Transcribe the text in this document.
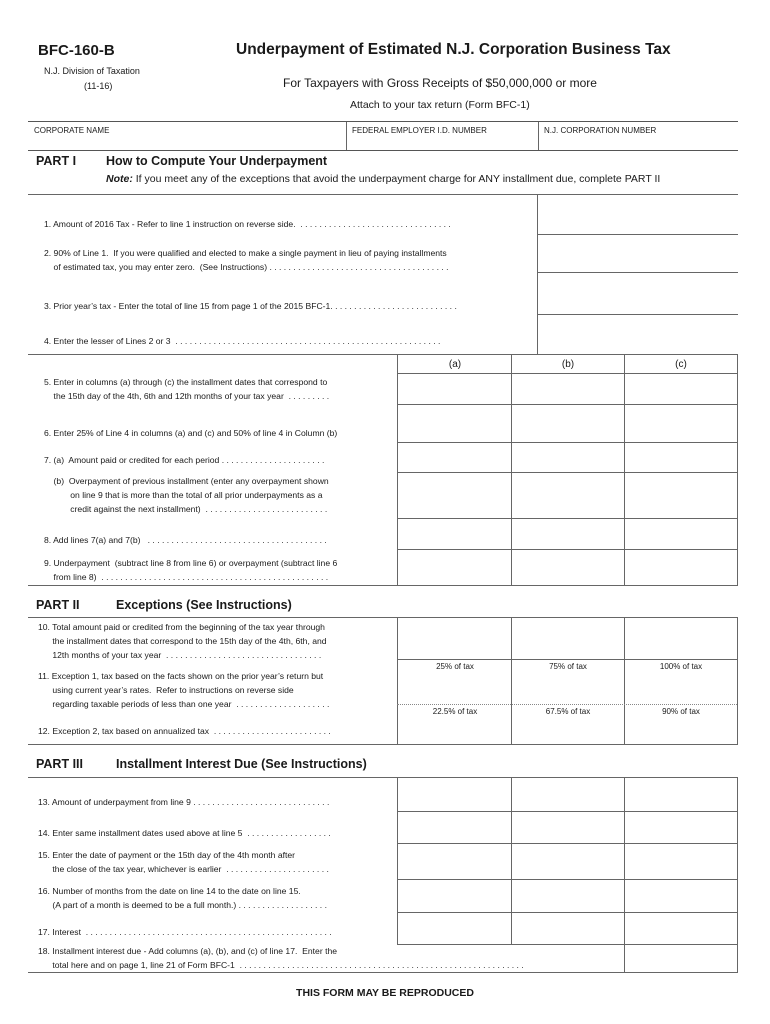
BFC-160-B
N.J. Division of Taxation
(11-16)
Underpayment of Estimated N.J. Corporation Business Tax
For Taxpayers with Gross Receipts of $50,000,000 or more
Attach to your tax return (Form BFC-1)
CORPORATE NAME	FEDERAL EMPLOYER I.D. NUMBER	N.J. CORPORATION NUMBER
PART I How to Compute Your Underpayment
Note: If you meet any of the exceptions that avoid the underpayment charge for ANY installment due, complete PART II
1. Amount of 2016 Tax - Refer to line 1 instruction on reverse side.  . . . . . . . . . . . . . . . . . . . . . . . . . . . . . . . .
2. 90% of Line 1.  If you were qualified and elected to make a single payment in lieu of paying installments
of estimated tax, you may enter zero.  (See Instructions) . . . . . . . . . . . . . . . . . . . . . . . . . . . . . . . . . . . . . .
3. Prior year’s tax - Enter the total of line 15 from page 1 of the 2015 BFC-1. . . . . . . . . . . . . . . . . . . . . . . . . . .
4. Enter the lesser of Lines 2 or 3  . . . . . . . . . . . . . . . . . . . . . . . . . . . . . . . . . . . . . . . . . . . . . . . . . . . . . . . .
(a)	(b)	(c)
5. Enter in columns (a) through (c) the installment dates that correspond to
the 15th day of the 4th, 6th and 12th months of your tax year  . . . . . . . . .
6. Enter 25% of Line 4 in columns (a) and (c) and 50% of line 4 in Column (b)
7. (a)  Amount paid or credited for each period . . . . . . . . . . . . . . . . . . . . . .
(b)  Overpayment of previous installment (enter any overpayment shown
on line 9 that is more than the total of all prior underpayments as a
credit against the next installment)  . . . . . . . . . . . . . . . . . . . . . . . . . .
8. Add lines 7(a) and 7(b)   . . . . . . . . . . . . . . . . . . . . . . . . . . . . . . . . . . . . . .
9. Underpayment  (subtract line 8 from line 6) or overpayment (subtract line 6
from line 8)  . . . . . . . . . . . . . . . . . . . . . . . . . . . . . . . . . . . . . . . . . . . . . . . .
PART II	Exceptions (See Instructions)
25% of tax	75% of tax	100% of tax
22.5% of tax	67.5% of tax	90% of tax
10. Total amount paid or credited from the beginning of the tax year through
the installment dates that correspond to the 15th day of the 4th, 6th, and
12th months of your tax year  . . . . . . . . . . . . . . . . . . . . . . . . . . . . . . . . .
11. Exception 1, tax based on the facts shown on the prior year’s return but
using current year’s rates.  Refer to instructions on reverse side
regarding taxable periods of less than one year  . . . . . . . . . . . . . . . . . . . .
12. Exception 2, tax based on annualized tax  . . . . . . . . . . . . . . . . . . . . . . . . .
PART III	Installment Interest Due (See Instructions)
13. Amount of underpayment from line 9 . . . . . . . . . . . . . . . . . . . . . . . . . . . . .
14. Enter same installment dates used above at line 5  . . . . . . . . . . . . . . . . . .
15. Enter the date of payment or the 15th day of the 4th month after
the close of the tax year, whichever is earlier  . . . . . . . . . . . . . . . . . . . . . .
16. Number of months from the date on line 14 to the date on line 15.
(A part of a month is deemed to be a full month.) . . . . . . . . . . . . . . . . . . .
17. Interest  . . . . . . . . . . . . . . . . . . . . . . . . . . . . . . . . . . . . . . . . . . . . . . . . . . . .
18. Installment interest due - Add columns (a), (b), and (c) of line 17.  Enter the
total here and on page 1, line 21 of Form BFC-1  . . . . . . . . . . . . . . . . . . . . . . . . . . . . . . . . . . . . . . . . . . . . . . . . . . . . . . . . . . . .
THIS FORM MAY BE REPRODUCED
